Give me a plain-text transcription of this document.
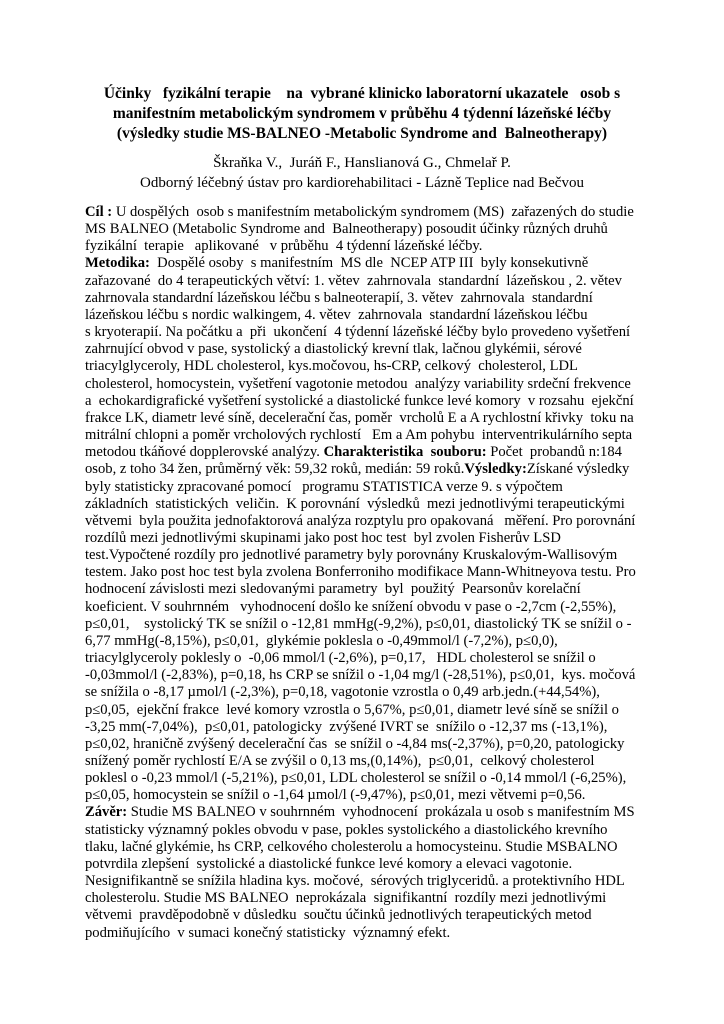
Účinky   fyzikální terapie    na  vybrané klinicko laboratorní ukazatele   osob s
manifestním metabolickým syndromem v průběhu 4 týdenní lázeňské léčby
(výsledky studie MS-BALNEO -Metabolic Syndrome and  Balneotherapy)
Škraňka V.,  Juráň F., Hanslianová G., Chmelař P.
Odborný léčebný ústav pro kardiorehabilitaci - Lázně Teplice nad Bečvou
Cíl : U dospělých  osob s manifestním metabolickým syndromem (MS)  zařazených do studie
MS BALNEO (Metabolic Syndrome and  Balneotherapy) posoudit účinky různých druhů
fyzikální  terapie   aplikované   v průběhu  4 týdenní lázeňské léčby.
Metodika:  Dospělé osoby  s manifestním  MS dle  NCEP ATP III  byly konsekutivně
zařazované  do 4 terapeutických větví: 1. větev  zahrnovala  standardní  lázeňskou , 2. větev
zahrnovala standardní lázeňskou léčbu s balneoterapií, 3. větev  zahrnovala  standardní
lázeňskou léčbu s nordic walkingem, 4. větev  zahrnovala  standardní lázeňskou léčbu
s kryoterapií. Na počátku a  při  ukončení  4 týdenní lázeňské léčby bylo provedeno vyšetření
zahrnující obvod v pase, systolický a diastolický krevní tlak, lačnou glykémii, sérové
triacylglyceroly, HDL cholesterol, kys.močovou, hs-CRP, celkový  cholesterol, LDL
cholesterol, homocystein, vyšetření vagotonie metodou  analýzy variability srdeční frekvence
a  echokardigrafické vyšetření systolické a diastolické funkce levé komory  v rozsahu  ejekční
frakce LK, diametr levé síně, decelerační čas, poměr  vrcholů E a A rychlostní křivky  toku na
mitrální chlopni a poměr vrcholových rychlostí   Em a Am pohybu  interventrikulárního septa
metodou tkáňové dopplerovské analýzy. Charakteristika  souboru: Počet  probandů n:184
osob, z toho 34 žen, průměrný věk: 59,32 roků, medián: 59 roků.Výsledky:Získané výsledky
byly statisticky zpracované pomocí   programu STATISTICA verze 9. s výpočtem
základních  statistických  veličin.  K porovnání  výsledků  mezi jednotlivými terapeutickými
větvemi  byla použita jednofaktorová analýza rozptylu pro opakovaná   měření. Pro porovnání
rozdílů mezi jednotlivými skupinami jako post hoc test  byl zvolen Fisherův LSD
test.Vypočtené rozdíly pro jednotlivé parametry byly porovnány Kruskalovým-Wallisovým
testem. Jako post hoc test byla zvolena Bonferroniho modifikace Mann-Whitneyova testu. Pro
hodnocení závislosti mezi sledovanými parametry  byl  použitý  Pearsonův korelační
koeficient. V souhrnném   vyhodnocení došlo ke snížení obvodu v pase o -2,7cm (-2,55%),
p≤0,01,    systolický TK se snížil o -12,81 mmHg(-9,2%), p≤0,01, diastolický TK se snížil o -
6,77 mmHg(-8,15%), p≤0,01,  glykémie poklesla o -0,49mmol/l (-7,2%), p≤0,0),
triacylglyceroly poklesly o  -0,06 mmol/l (-2,6%), p=0,17,   HDL cholesterol se snížil o
-0,03mmol/l (-2,83%), p=0,18, hs CRP se snížil o -1,04 mg/l (-28,51%), p≤0,01,  kys. močová
se snížila o -8,17 µmol/l (-2,3%), p=0,18, vagotonie vzrostla o 0,49 arb.jedn.(+44,54%),
p≤0,05,  ejekční frakce  levé komory vzrostla o 5,67%, p≤0,01, diametr levé síně se snížil o
-3,25 mm(-7,04%),  p≤0,01, patologicky  zvýšené IVRT se  snížilo o -12,37 ms (-13,1%),
p≤0,02, hraničně zvýšený decelerační čas  se snížil o -4,84 ms(-2,37%), p=0,20, patologicky
snížený poměr rychlostí E/A se zvýšil o 0,13 ms,(0,14%),  p≤0,01,  celkový cholesterol
poklesl o -0,23 mmol/l (-5,21%), p≤0,01, LDL cholesterol se snížil o -0,14 mmol/l (-6,25%),
p≤0,05, homocystein se snížil o -1,64 µmol/l (-9,47%), p≤0,01, mezi větvemi p=0,56.
Závěr: Studie MS BALNEO v souhrnném  vyhodnocení  prokázala u osob s manifestním MS
statisticky významný pokles obvodu v pase, pokles systolického a diastolického krevního
tlaku, lačné glykémie, hs CRP, celkového cholesterolu a homocysteinu. Studie MSBALNO
potvrdila zlepšení  systolické a diastolické funkce levé komory a elevaci vagotonie.
Nesignifikantně se snížila hladina kys. močové,  sérových triglyceridů. a protektivního HDL
cholesterolu. Studie MS BALNEO  neprokázala  signifikantní  rozdíly mezi jednotlivými
větvemi  pravděpodobně v důsledku  součtu účinků jednotlivých terapeutických metod
podmiňujícího  v sumaci konečný statisticky  významný efekt.
